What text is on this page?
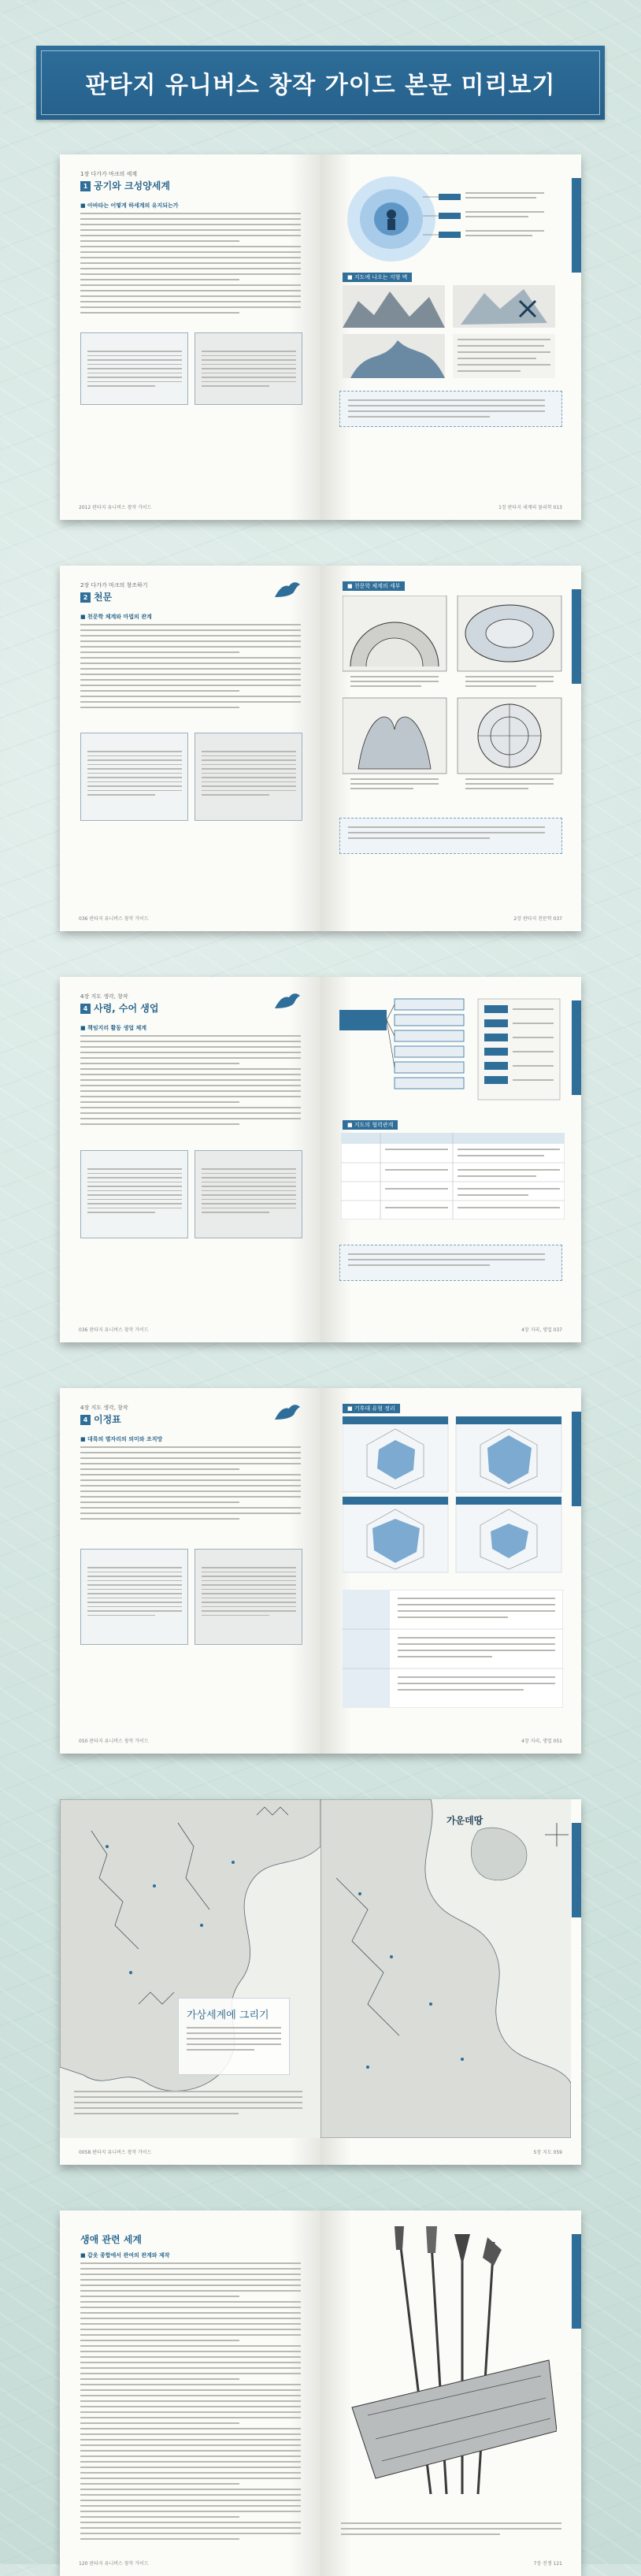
판타지 유니버스 창작 가이드 본문 미리보기
1장 다가가 마크의 세계
1 공기와 크성양세계
■ 아바타는 어떻게 하세계의 유지되는가
2012 판타지 유니버스 창작 가이드
■ 지도에 나오는 지형 벽
1장 판타지 세계의 물리학 013
2장 다가가 마크의 창조하기
2 천문
■ 천문학 체계와 마법의 관계
036 판타지 유니버스 창작 가이드
■ 천문학 체계의 세부
2장 판타지 천문학 037
4장 지도 생각, 창작
4 사령, 수어 생업
■ 책임지리 활동 생업 체계
036 판타지 유니버스 창작 가이드
■ 지도의 협력관계
4장 지리, 생업 037
4장 지도 생각, 창작
4 이정표
■ 대륙의 별자리의 의미와 조직망
050 판타지 유니버스 창작 가이드
■ 기후대 유형 정리
4장 지리, 생업 051
가상세계에 그리기
0058 판타지 유니버스 창작 가이드
가운데땅
5장 지도 059
생애 관련 세계
■ 갑옷 종합에서 관여의 관계와 제작
120 판타지 유니버스 창작 가이드	7장 전쟁 121
